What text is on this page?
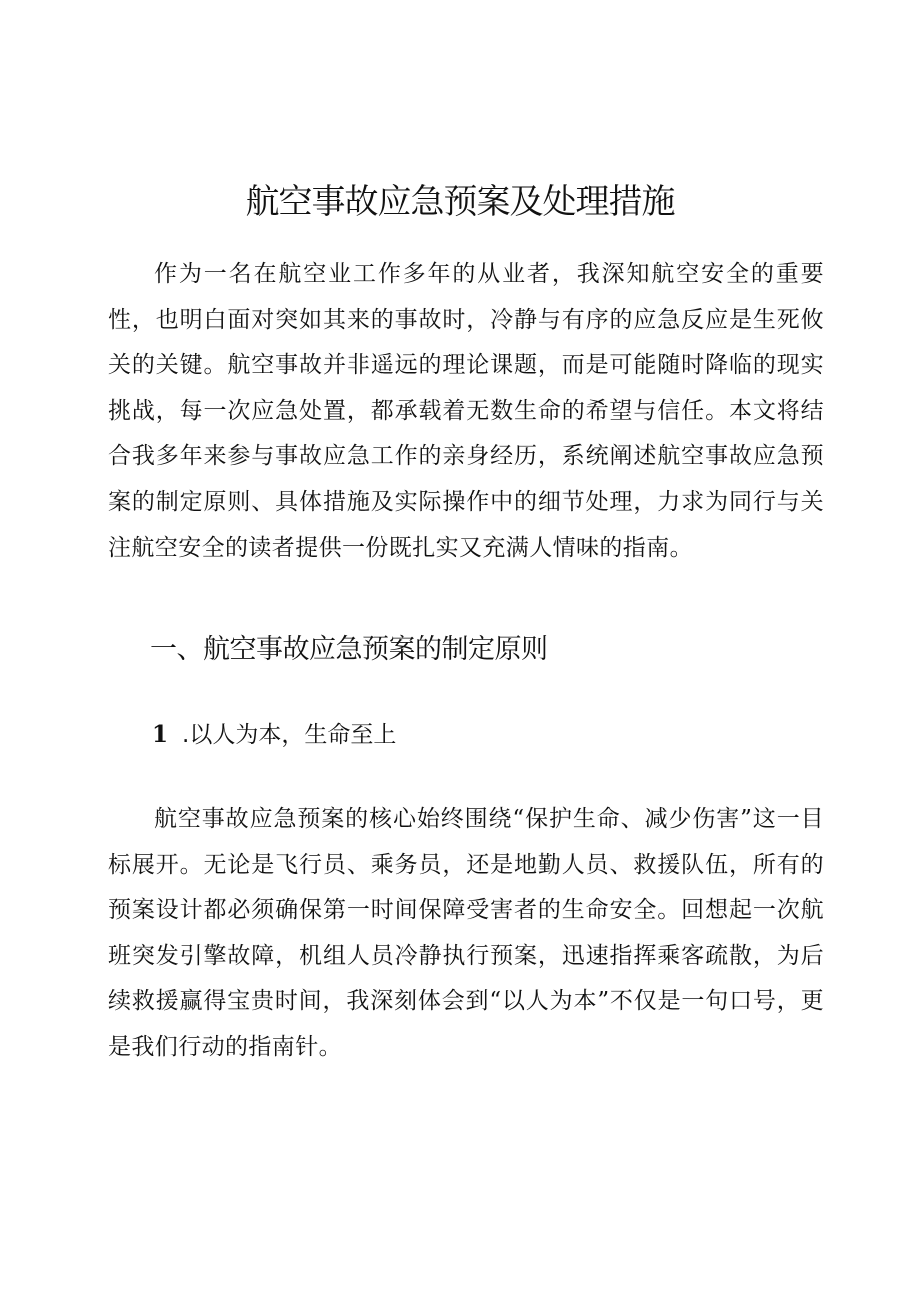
航空事故应急预案及处理措施

作为一名在航空业工作多年的从业者，我深知航空安全的重要性，也明白面对突如其来的事故时，冷静与有序的应急反应是生死攸关的关键。航空事故并非遥远的理论课题，而是可能随时降临的现实挑战，每一次应急处置，都承载着无数生命的希望与信任。本文将结合我多年来参与事故应急工作的亲身经历，系统阐述航空事故应急预案的制定原则、具体措施及实际操作中的细节处理，力求为同行与关注航空安全的读者提供一份既扎实又充满人情味的指南。

一、航空事故应急预案的制定原则
1 .以人为本，生命至上

航空事故应急预案的核心始终围绕“保护生命、减少伤害”这一目标展开。无论是飞行员、乘务员，还是地勤人员、救援队伍，所有的预案设计都必须确保第一时间保障受害者的生命安全。回想起一次航班突发引擎故障，机组人员冷静执行预案，迅速指挥乘客疏散，为后续救援赢得宝贵时间，我深刻体会到“以人为本”不仅是一句口号，更是我们行动的指南针。
